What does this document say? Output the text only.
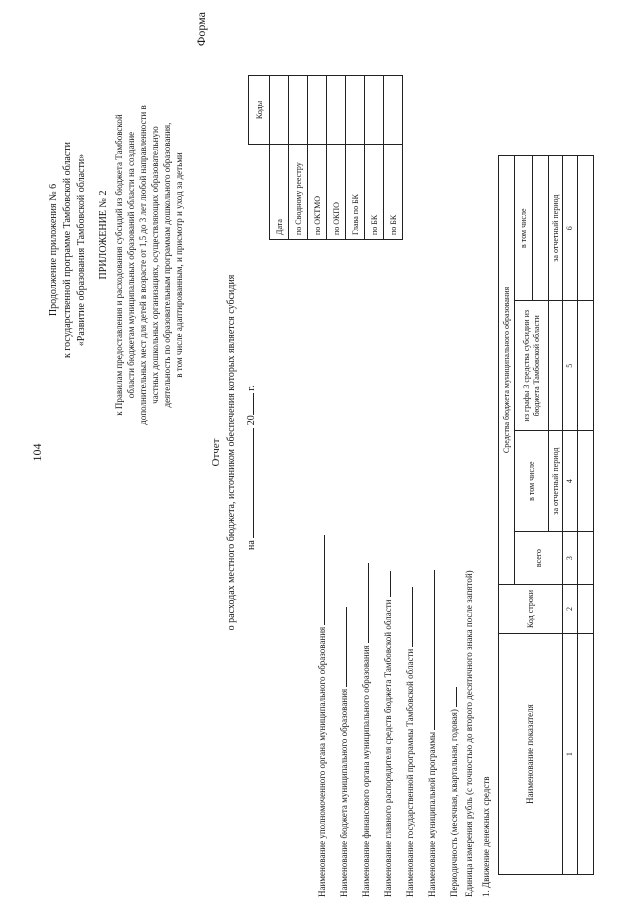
104
Продолжение приложения № 6 к государственной программе Тамбовской области «Развитие образования Тамбовской области» ПРИЛОЖЕНИЕ № 2 к Правилам предоставления и расходования субсидий из бюджета Тамбовской области бюджетам муниципальных образований области на создание дополнительных мест для детей в возрасте от 1,5 до 3 лет любой направленности в частных дошкольных организациях, осуществляющих образовательную деятельность по образовательным программам дошкольного образования, в том числе адаптированным, и присмотр и уход за детьми
Форма
Отчет о расходах местного бюджета, источником обеспечения которых является субсидия на  20 г.
	Коды
Дата	
по Сводному реестру	
по ОКТМО	
по ОКПО	
Глава по БК	
по БК	
по БК	
Наименование уполномоченного органа муниципального образования	Наименование бюджета муниципального образования	Наименование финансового органа муниципального образования	Наименование главного распорядителя средств бюджета Тамбовской области	Наименование государственной программы Тамбовской области	Наименование муниципальной программы	Периодичность (месячная, квартальная, годовая) Единица измерения рубль (с точностью до второго десятичного знака после запятой) 1. Движение денежных средств
Наименование показателя	Код строки	Средства бюджета муниципального образования			
		всего	в том числе	из графы 3 средства субсидии из бюджета Тамбовской области	в том числе

			за отчетный период		за отчетный период
1	2	3	4	5	6
